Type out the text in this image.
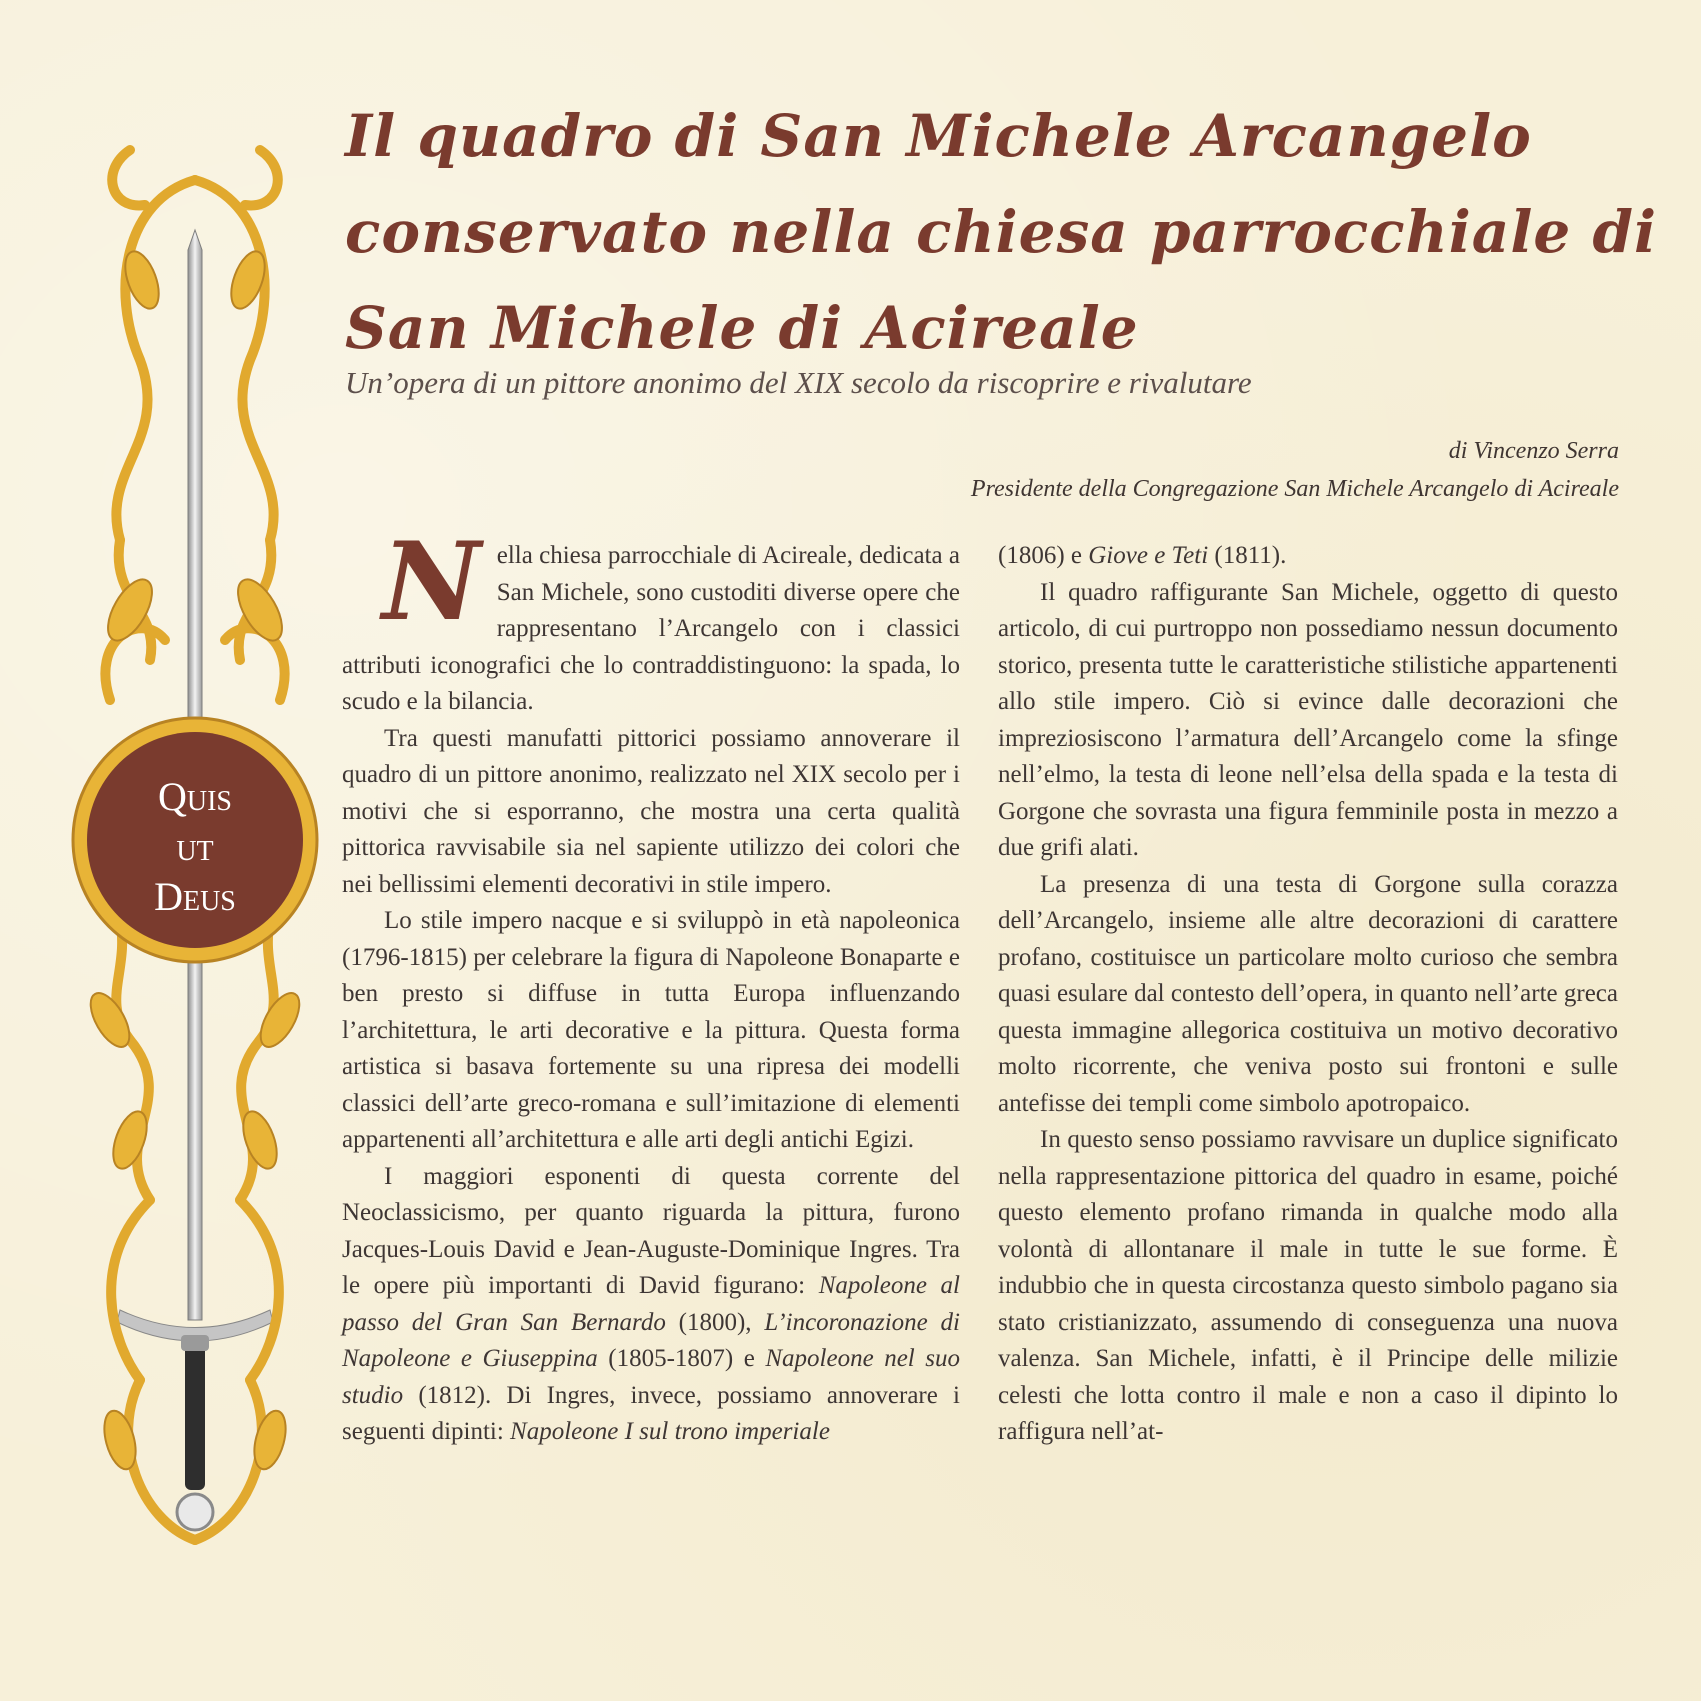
Quis
ut
Deus
Il quadro di San Michele Arcangelo
conservato nella chiesa parrocchiale di
San Michele di Acireale

Un’opera di un pittore anonimo del XIX secolo da riscoprire e rivalutare

di Vincenzo Serra
Presidente della Congregazione San Michele Arcangelo di Acireale

Nella chiesa parrocchiale di Acireale, dedicata a San Michele, sono custoditi diverse opere che rappresentano l’Arcangelo con i classici attributi iconografici che lo contraddistinguono: la spada, lo scudo e la bilancia.

Tra questi manufatti pittorici possiamo annoverare il quadro di un pittore anonimo, realizzato nel XIX secolo per i motivi che si esporranno, che mostra una certa qualità pittorica ravvisabile sia nel sapiente utilizzo dei colori che nei bellissimi elementi decorativi in stile impero.

Lo stile impero nacque e si sviluppò in età napoleonica (1796-1815) per celebrare la figura di Napoleone Bonaparte e ben presto si diffuse in tutta Europa influenzando l’architettura, le arti decorative e la pittura. Questa forma artistica si basava fortemente su una ripresa dei modelli classici dell’arte greco-romana e sull’imitazione di elementi appartenenti all’architettura e alle arti degli antichi Egizi.

I maggiori esponenti di questa corrente del Neoclassicismo, per quanto riguarda la pittura, furono Jacques-Louis David e Jean-Auguste-Dominique Ingres. Tra le opere più importanti di David figurano: Napoleone al passo del Gran San Bernardo (1800), L’incoronazione di Napoleone e Giuseppina (1805-1807) e Napoleone nel suo studio (1812). Di Ingres, invece, possiamo annoverare i seguenti dipinti: Napoleone I sul trono imperiale

(1806) e Giove e Teti (1811).

Il quadro raffigurante San Michele, oggetto di questo articolo, di cui purtroppo non possediamo nessun documento storico, presenta tutte le caratteristiche stilistiche appartenenti allo stile impero. Ciò si evince dalle decorazioni che impreziosiscono l’armatura dell’Arcangelo come la sfinge nell’elmo, la testa di leone nell’elsa della spada e la testa di Gorgone che sovrasta una figura femminile posta in mezzo a due grifi alati.

La presenza di una testa di Gorgone sulla corazza dell’Arcangelo, insieme alle altre decorazioni di carattere profano, costituisce un particolare molto curioso che sembra quasi esulare dal contesto dell’opera, in quanto nell’arte greca questa immagine allegorica costituiva un motivo decorativo molto ricorrente, che veniva posto sui frontoni e sulle antefisse dei templi come simbolo apotropaico.

In questo senso possiamo ravvisare un duplice significato nella rappresentazione pittorica del quadro in esame, poiché questo elemento profano rimanda in qualche modo alla volontà di allontanare il male in tutte le sue forme. È indubbio che in questa circostanza questo simbolo pagano sia stato cristianizzato, assumendo di conseguenza una nuova valenza. San Michele, infatti, è il Principe delle milizie celesti che lotta contro il male e non a caso il dipinto lo raffigura nell’at-
